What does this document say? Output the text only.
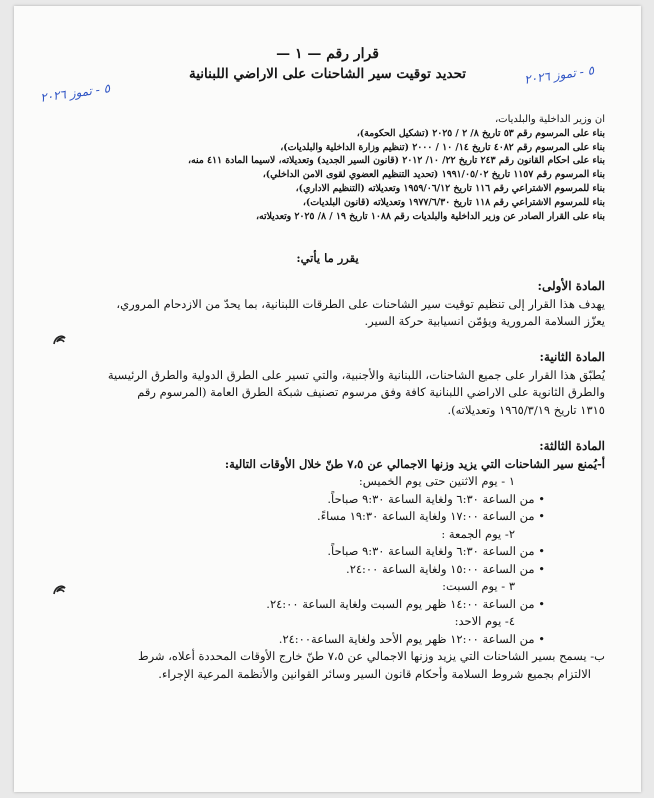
٥ - تموز ٢٠٢٦
٥ - تموز ٢٠٢٦
قرار رقم — ١ —
تحديد توقيت سير الشاحنات على الاراضي اللبنانية
ان وزير الداخلية والبلديات،
بناء على المرسوم رقم ٥٣ تاريخ ٨/ ٢ / ٢٠٢٥ (تشكيل الحكومة)،
بناء على المرسوم رقم ٤٠٨٢ تاريخ ١٤/ ١٠ / ٢٠٠٠ (تنظيم وزارة الداخلية والبلديات)،
بناء على احكام القانون رقم ٢٤٣ تاريخ ٢٢/ ١٠/ ٢٠١٢ (قانون السير الجديد) وتعديلاته، لاسيما المادة ٤١١ منه،
بناء المرسوم رقم ١١٥٧ تاريخ ١٩٩١/٠٥/٠٢ (تحديد التنظيم العضوي لقوى الامن الداخلي)،
بناء للمرسوم الاشتراعي رقم ١١٦ تاريخ ١٩٥٩/٠٦/١٢ وتعديلاته (التنظيم الاداري)،
بناء للمرسوم الاشتراعي رقم ١١٨ تاريخ ١٩٧٧/٦/٣٠ وتعديلاته (قانون البلديات)،
بناء على القرار الصادر عن وزير الداخلية والبلديات رقم ١٠٨٨ تاريخ ١٩ / ٨/ ٢٠٢٥ وتعديلاته،
يقرر ما يأتي:
المادة الأولى:
يهدف هذا القرار إلى تنظيم توقيت سير الشاحنات على الطرقات اللبنانية، بما يحدّ من الازدحام المروري،
يعزّز السلامة المرورية ويؤمّن انسيابية حركة السير.
المادة الثانية:
يُطبّق هذا القرار على جميع الشاحنات، اللبنانية والأجنبية، والتي تسير على الطرق الدولية والطرق الرئيسية
والطرق الثانوية على الاراضي اللبنانية كافة وفق مرسوم تصنيف شبكة الطرق العامة (المرسوم رقم
١٣١٥ تاريخ ١٩٦٥/٣/١٩ وتعديلاته).
المادة الثالثة:
أ-يُمنع سير الشاحنات التي يزيد وزنها الاجمالي عن ٧،٥ طنّ خلال الأوقات التالية:
١ - يوم الاثنين حتى يوم الخميس:
• من الساعة ٦:٣٠ ولغاية الساعة ٩:٣٠ صباحاً.
• من الساعة ١٧:٠٠ ولغاية الساعة ١٩:٣٠ مساءً.
٢- يوم الجمعة :
• من الساعة ٦:٣٠ ولغاية الساعة ٩:٣٠ صباحاً.
• من الساعة ١٥:٠٠ ولغاية الساعة ٢٤:٠٠.
٣ - يوم السبت:
• من الساعة ١٤:٠٠ ظهر يوم السبت ولغاية الساعة ٢٤:٠٠.
٤- يوم الاحد:
• من الساعة ١٢:٠٠ ظهر يوم الأحد ولغاية الساعة٢٤:٠٠.
ب- يسمح بسير الشاحنات التي يزيد وزنها الاجمالي عن ٧،٥ طنّ خارج الأوقات المحددة أعلاه، شرط
الالتزام بجميع شروط السلامة وأحكام قانون السير وسائر القوانين والأنظمة المرعية الإجراء.
